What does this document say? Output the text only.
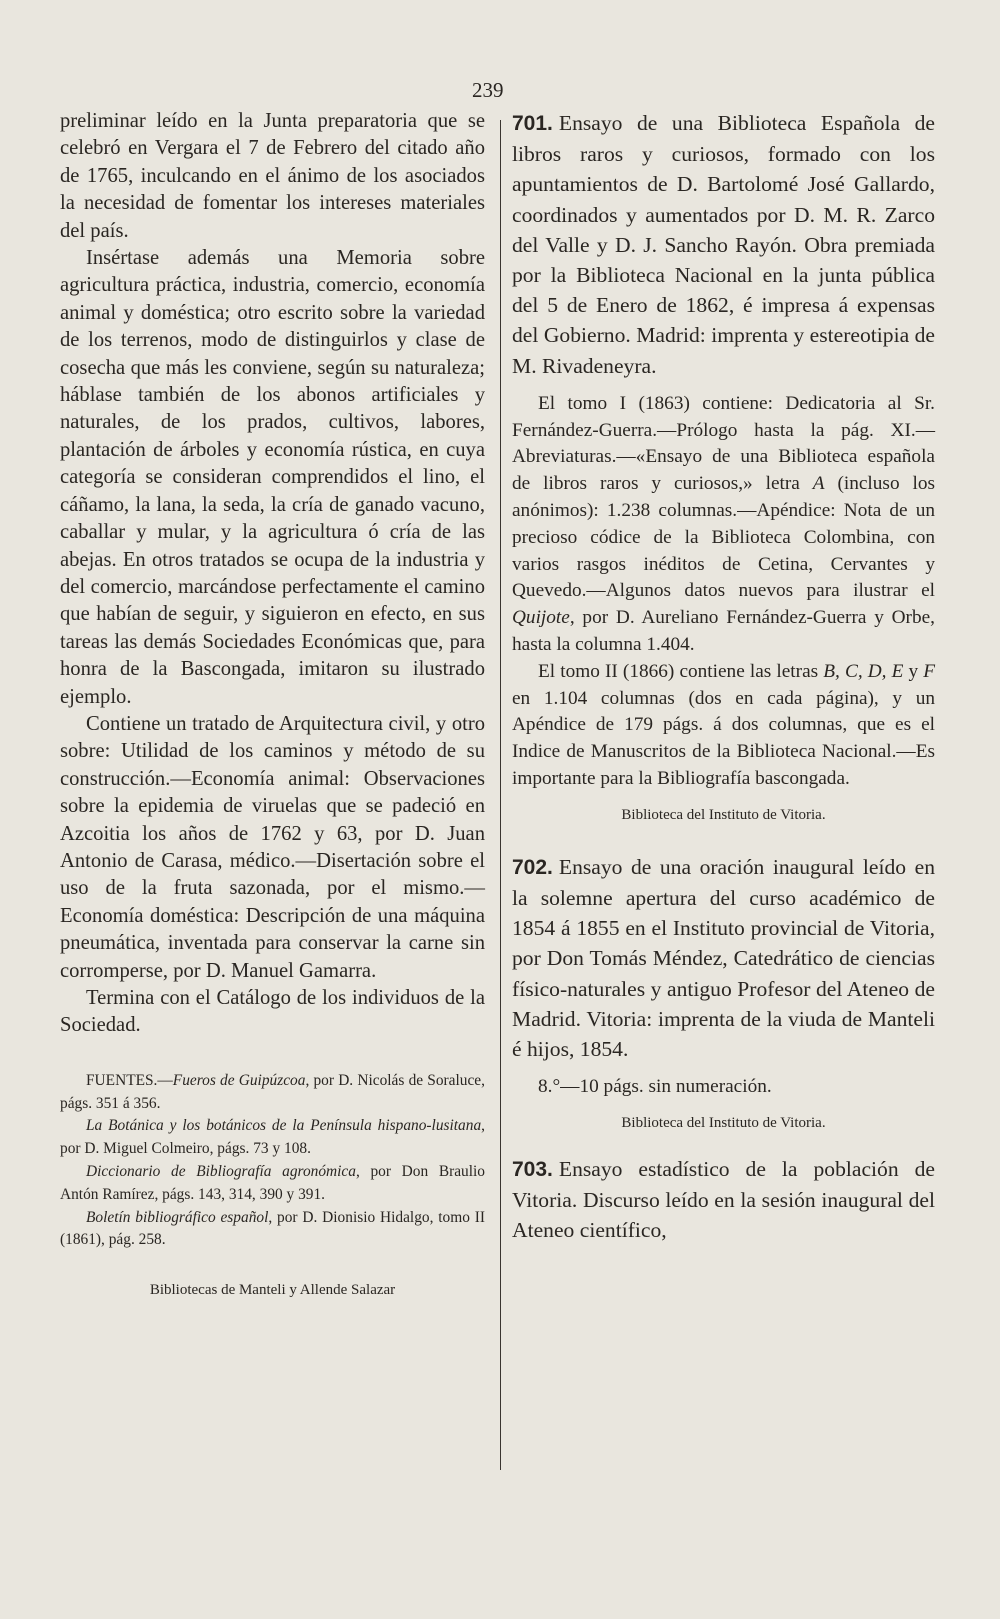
239

preliminar leído en la Junta preparatoria que se celebró en Vergara el 7 de Febrero del citado año de 1765, inculcando en el ánimo de los asociados la necesidad de fomentar los intereses materiales del país.

Insértase además una Memoria sobre agricultura práctica, industria, comercio, economía animal y doméstica; otro escrito sobre la variedad de los terrenos, modo de distinguirlos y clase de cosecha que más les conviene, según su naturaleza; háblase también de los abonos artificiales y naturales, de los prados, cultivos, labores, plantación de árboles y economía rústica, en cuya categoría se consideran comprendidos el lino, el cáñamo, la lana, la seda, la cría de ganado vacuno, caballar y mular, y la agricultura ó cría de las abejas. En otros tratados se ocupa de la industria y del comercio, marcándose perfectamente el camino que habían de seguir, y siguieron en efecto, en sus tareas las demás Sociedades Económicas que, para honra de la Bascongada, imitaron su ilustrado ejemplo.

Contiene un tratado de Arquitectura civil, y otro sobre: Utilidad de los caminos y método de su construcción.—Economía animal: Observaciones sobre la epidemia de viruelas que se padeció en Azcoitia los años de 1762 y 63, por D. Juan Antonio de Carasa, médico.—Disertación sobre el uso de la fruta sazonada, por el mismo.—Economía doméstica: Descripción de una máquina pneumática, inventada para conservar la carne sin corromperse, por D. Manuel Gamarra.

Termina con el Catálogo de los individuos de la Sociedad.

FUENTES.—Fueros de Guipúzcoa, por D. Nicolás de Soraluce, págs. 351 á 356.

La Botánica y los botánicos de la Península hispano-lusitana, por D. Miguel Colmeiro, págs. 73 y 108.

Diccionario de Bibliografía agronómica, por Don Braulio Antón Ramírez, págs. 143, 314, 390 y 391.

Boletín bibliográfico español, por D. Dionisio Hidalgo, tomo II (1861), pág. 258.

Bibliotecas de Manteli y Allende Salazar

701. Ensayo de una Biblioteca Española de libros raros y curiosos, formado con los apuntamientos de D. Bartolomé José Gallardo, coordinados y aumentados por D. M. R. Zarco del Valle y D. J. Sancho Rayón. Obra premiada por la Biblioteca Nacional en la junta pública del 5 de Enero de 1862, é impresa á expensas del Gobierno. Madrid: imprenta y estereotipia de M. Rivadeneyra.

El tomo I (1863) contiene: Dedicatoria al Sr. Fernández-Guerra.—Prólogo hasta la pág. XI.—Abreviaturas.—«Ensayo de una Biblioteca española de libros raros y curiosos,» letra A (incluso los anónimos): 1.238 columnas.—Apéndice: Nota de un precioso códice de la Biblioteca Colombina, con varios rasgos inéditos de Cetina, Cervantes y Quevedo.—Algunos datos nuevos para ilustrar el Quijote, por D. Aureliano Fernández-Guerra y Orbe, hasta la columna 1.404.

El tomo II (1866) contiene las letras B, C, D, E y F en 1.104 columnas (dos en cada página), y un Apéndice de 179 págs. á dos columnas, que es el Indice de Manuscritos de la Biblioteca Nacional.—Es importante para la Bibliografía bascongada.

Biblioteca del Instituto de Vitoria.

702. Ensayo de una oración inaugural leído en la solemne apertura del curso académico de 1854 á 1855 en el Instituto provincial de Vitoria, por Don Tomás Méndez, Catedrático de ciencias físico-naturales y antiguo Profesor del Ateneo de Madrid. Vitoria: imprenta de la viuda de Manteli é hijos, 1854.

8.°—10 págs. sin numeración.

Biblioteca del Instituto de Vitoria.

703. Ensayo estadístico de la población de Vitoria. Discurso leído en la sesión inaugural del Ateneo científico,
